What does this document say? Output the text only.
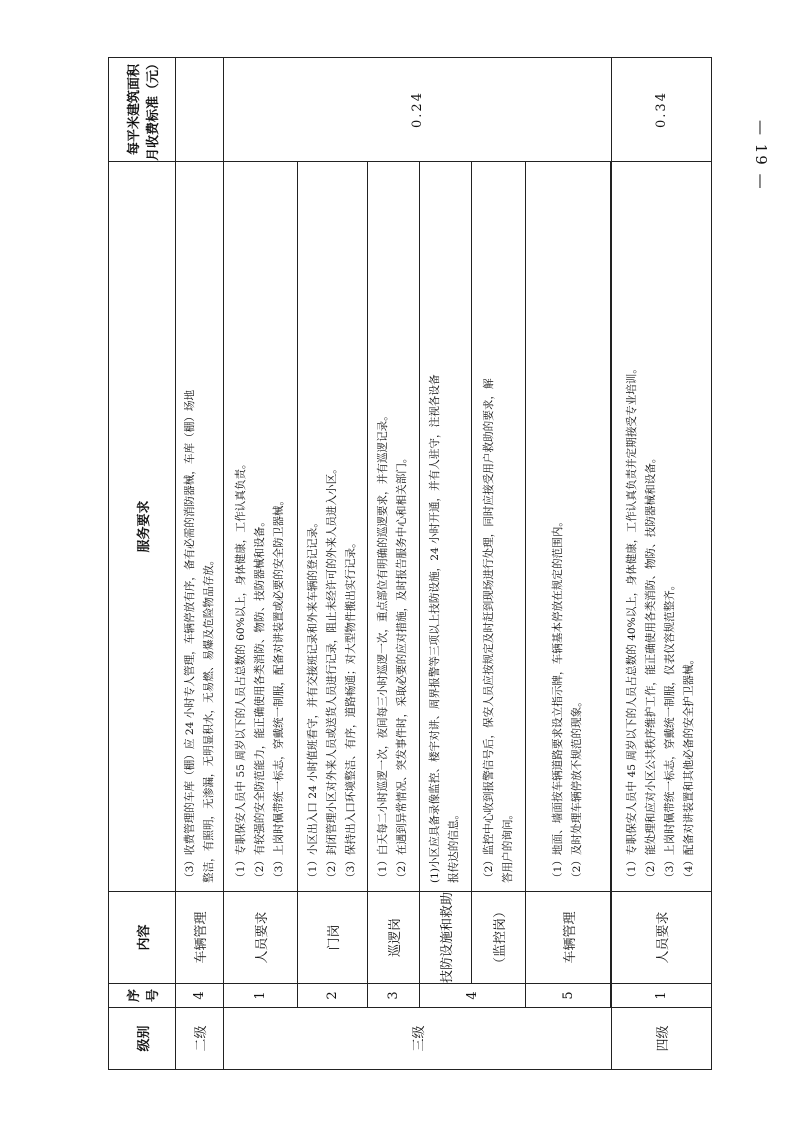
— 19 —
级别	序号	内容	服务要求	每平米建筑面积月收费标准（元）
二级	4	车辆管理	（3）收费管理的车库（棚）应 24 小时专人管理，车辆停放有序，备有必需的消防器械，车库（棚）场地 整洁，有照明，无渗漏，无明显积水，无易燃、易爆及危险物品存放。	

三级	1	人员要求	（1）专职保安人员中 55 周岁以下的人员占总数的 60%以上，身体健康，工作认真负责。 （2）有较强的安全防范能力，能正确使用各类消防、物防、技防器械和设备。 （3）上岗时佩带统一标志，穿戴统一制服，配备对讲装置或必要的安全防卫器械。	0.24
	2	门岗	（1）小区出入口 24 小时值班看守，并有交接班记录和外来车辆的登记记录。 （2）封闭管理小区对外来人员或送货人员进行记录，阻止未经许可的外来人员进入小区。 （3）保持出入口环境整洁、有序，道路畅通；对大型物件搬出实行记录。	

	3	巡逻岗	（1）白天每二小时巡逻一次，夜间每三小时巡逻一次，重点部位有明确的巡逻要求，并有巡逻记录。 （2）在遇到异常情况、突发事件时，采取必要的应对措施，及时报告服务中心和相关部门。	

	4	技防设施和救助	(1)小区应具备录像监控、楼宇对讲、周界报警等三项以上技防设施，24 小时开通，并有人驻守，注视各设备 报传达的信息。	

		（监控岗）	（2）监控中心收到报警信号后，保安人员应按规定及时赶到现场进行处理，同时应接受用户救助的要求，解 答用户的询问。	

	5	车辆管理	（1）地面、墙面按车辆道路要求设立指示牌，车辆基本停放在规定的范围内。 （2）及时处理车辆停放不规范的现象。	

四级	1	人员要求	（1）专职保安人员中 45 周岁以下的人员占总数的 40%以上，身体健康，工作认真负责并定期接受专业培训。 （2）能处理和应对小区公共秩序维护工作，能正确使用各类消防、物防、技防器械和设备。 （3）上岗时佩带统一标志，穿戴统一制服，仪表仪容规范整齐。 （4）配备对讲装置和其他必备的安全护卫器械。	0.34
